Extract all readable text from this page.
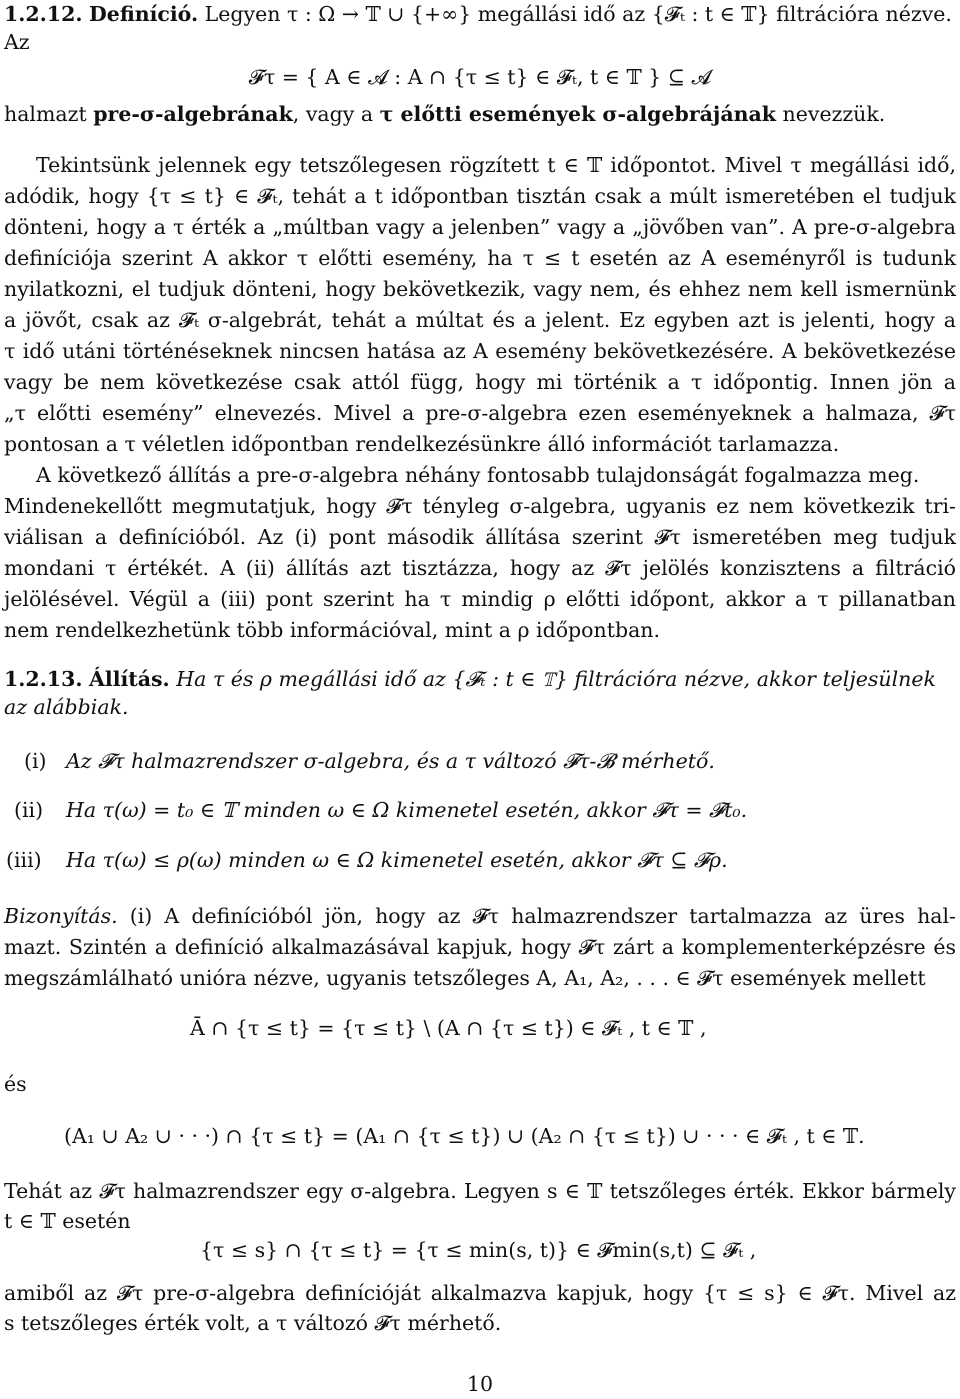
1.2.12. Definíció. Legyen τ : Ω → 𝕋 ∪ {+∞} megállási idő az {𝓕ₜ : t ∈ 𝕋} filtrációra nézve.
Az
𝓕τ = { A ∈ 𝓐 : A ∩ {τ ≤ t} ∈ 𝓕ₜ, t ∈ 𝕋 } ⊆ 𝓐
halmazt pre-σ-algebrának, vagy a τ előtti események σ-algebrájának nevezzük.
Tekintsünk jelennek egy tetszőlegesen rögzített t ∈ 𝕋 időpontot. Mivel τ megállási idő,
adódik, hogy {τ ≤ t} ∈ 𝓕ₜ, tehát a t időpontban tisztán csak a múlt ismeretében el tudjuk
dönteni, hogy a τ érték a „múltban vagy a jelenben” vagy a „jövőben van”. A pre-σ-algebra
definíciója szerint A akkor τ előtti esemény, ha τ ≤ t esetén az A eseményről is tudunk
nyilatkozni, el tudjuk dönteni, hogy bekövetkezik, vagy nem, és ehhez nem kell ismernünk
a jövőt, csak az 𝓕ₜ σ-algebrát, tehát a múltat és a jelent. Ez egyben azt is jelenti, hogy a
τ idő utáni történéseknek nincsen hatása az A esemény bekövetkezésére. A bekövetkezése
vagy be nem következése csak attól függ, hogy mi történik a τ időpontig. Innen jön a
„τ előtti esemény” elnevezés. Mivel a pre-σ-algebra ezen eseményeknek a halmaza, 𝓕τ
pontosan a τ véletlen időpontban rendelkezésünkre álló információt tarlamazza.
A következő állítás a pre-σ-algebra néhány fontosabb tulajdonságát fogalmazza meg.
Mindenekellőtt megmutatjuk, hogy 𝓕τ tényleg σ-algebra, ugyanis ez nem következik tri-
viálisan a definícióból. Az (i) pont második állítása szerint 𝓕τ ismeretében meg tudjuk
mondani τ értékét. A (ii) állítás azt tisztázza, hogy az 𝓕τ jelölés konzisztens a filtráció
jelölésével. Végül a (iii) pont szerint ha τ mindig ρ előtti időpont, akkor a τ pillanatban
nem rendelkezhetünk több információval, mint a ρ időpontban.
1.2.13. Állítás. Ha τ és ρ megállási idő az {𝓕ₜ : t ∈ 𝕋} filtrációra nézve, akkor teljesülnek
az alábbiak.
(i) Az 𝓕τ halmazrendszer σ-algebra, és a τ változó 𝓕τ-𝓑 mérhető.
(ii) Ha τ(ω) = t₀ ∈ 𝕋 minden ω ∈ Ω kimenetel esetén, akkor 𝓕τ = 𝓕t₀.
(iii) Ha τ(ω) ≤ ρ(ω) minden ω ∈ Ω kimenetel esetén, akkor 𝓕τ ⊆ 𝓕ρ.
Bizonyítás. (i) A definícióból jön, hogy az 𝓕τ halmazrendszer tartalmazza az üres hal-
mazt. Szintén a definíció alkalmazásával kapjuk, hogy 𝓕τ zárt a komplementerképzésre és
megszámlálható unióra nézve, ugyanis tetszőleges A, A₁, A₂, . . . ∈ 𝓕τ események mellett
Ā ∩ {τ ≤ t} = {τ ≤ t} \ (A ∩ {τ ≤ t}) ∈ 𝓕ₜ , t ∈ 𝕋 ,
és
(A₁ ∪ A₂ ∪ · · ·) ∩ {τ ≤ t} = (A₁ ∩ {τ ≤ t}) ∪ (A₂ ∩ {τ ≤ t}) ∪ · · · ∈ 𝓕ₜ , t ∈ 𝕋.
Tehát az 𝓕τ halmazrendszer egy σ-algebra. Legyen s ∈ 𝕋 tetszőleges érték. Ekkor bármely
t ∈ 𝕋 esetén
{τ ≤ s} ∩ {τ ≤ t} = {τ ≤ min(s, t)} ∈ 𝓕min(s,t) ⊆ 𝓕ₜ ,
amiből az 𝓕τ pre-σ-algebra definícióját alkalmazva kapjuk, hogy {τ ≤ s} ∈ 𝓕τ. Mivel az
s tetszőleges érték volt, a τ változó 𝓕τ mérhető.
10
